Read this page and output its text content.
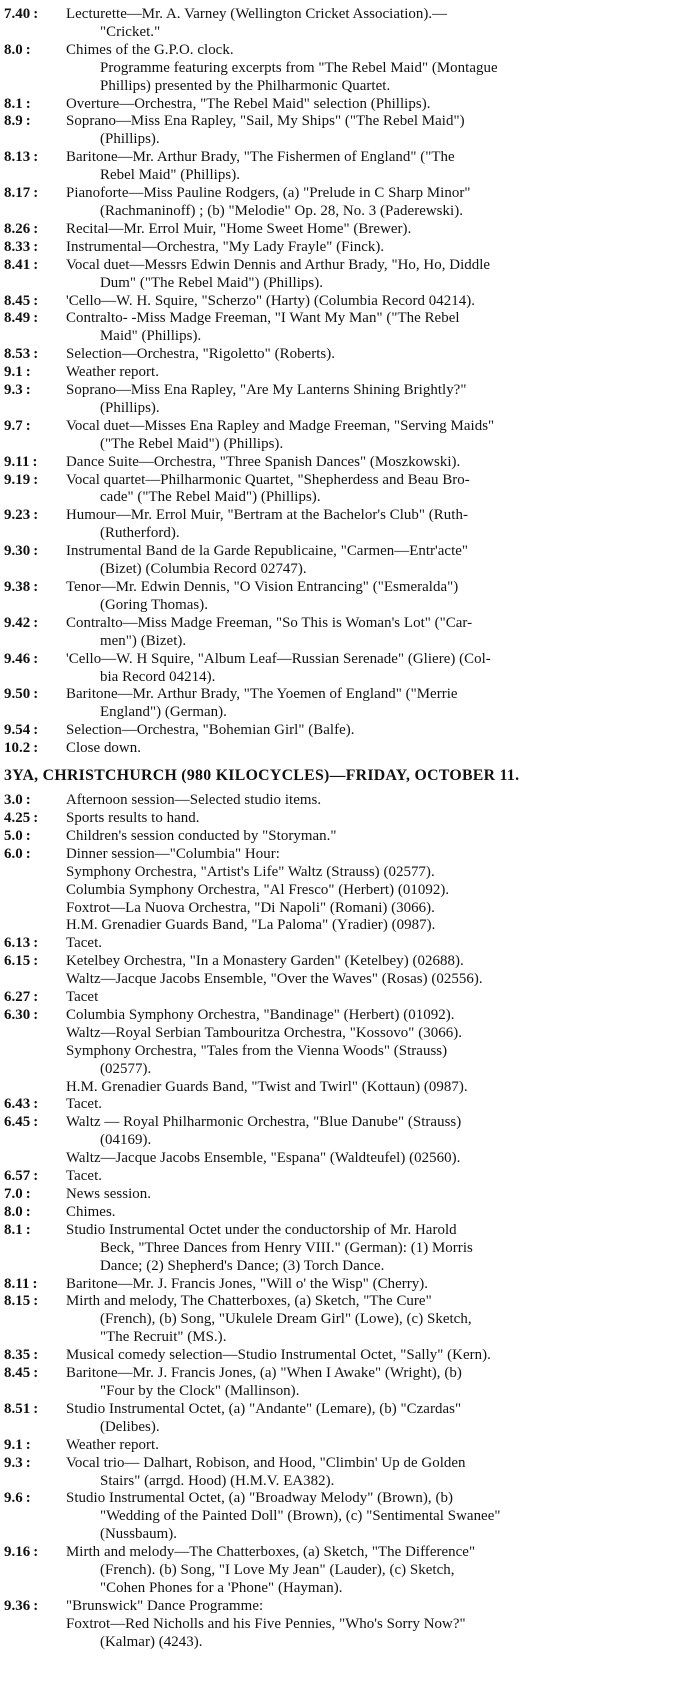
7.40 :	Lecturette—Mr. A. Varney (Wellington Cricket Association).—
"Cricket."
8.0 :	Chimes of the G.P.O. clock.
Programme featuring excerpts from "The Rebel Maid" (Montague
Phillips) presented by the Philharmonic Quartet.
8.1 :	Overture—Orchestra, "The Rebel Maid" selection (Phillips).
8.9 :	Soprano—Miss Ena Rapley, "Sail, My Ships" ("The Rebel Maid")
(Phillips).
8.13 :	Baritone—Mr. Arthur Brady, "The Fishermen of England" ("The
Rebel Maid" (Phillips).
8.17 :	Pianoforte—Miss Pauline Rodgers, (a) "Prelude in C Sharp Minor"
(Rachmaninoff) ; (b) "Melodie" Op. 28, No. 3 (Paderewski).
8.26 :	Recital—Mr. Errol Muir, "Home Sweet Home" (Brewer).
8.33 :	Instrumental—Orchestra, "My Lady Frayle" (Finck).
8.41 :	Vocal duet—Messrs Edwin Dennis and Arthur Brady, "Ho, Ho, Diddle
Dum" ("The Rebel Maid") (Phillips).
8.45 :	'Cello—W. H. Squire, "Scherzo" (Harty) (Columbia Record 04214).
8.49 :	Contralto- -Miss Madge Freeman, "I Want My Man" ("The Rebel
Maid" (Phillips).
8.53 :	Selection—Orchestra, "Rigoletto" (Roberts).
9.1 :	Weather report.
9.3 :	Soprano—Miss Ena Rapley, "Are My Lanterns Shining Brightly?"
(Phillips).
9.7 :	Vocal duet—Misses Ena Rapley and Madge Freeman, "Serving Maids"
("The Rebel Maid") (Phillips).
9.11 :	Dance Suite—Orchestra, "Three Spanish Dances" (Moszkowski).
9.19 :	Vocal quartet—Philharmonic Quartet, "Shepherdess and Beau Bro-
cade" ("The Rebel Maid") (Phillips).
9.23 :	Humour—Mr. Errol Muir, "Bertram at the Bachelor's Club" (Ruth-
(Rutherford).
9.30 :	Instrumental Band de la Garde Republicaine, "Carmen—Entr'acte"
(Bizet) (Columbia Record 02747).
9.38 :	Tenor—Mr. Edwin Dennis, "O Vision Entrancing" ("Esmeralda")
(Goring Thomas).
9.42 :	Contralto—Miss Madge Freeman, "So This is Woman's Lot" ("Car-
men") (Bizet).
9.46 :	'Cello—W. H Squire, "Album Leaf—Russian Serenade" (Gliere) (Col-
bia Record 04214).
9.50 :	Baritone—Mr. Arthur Brady, "The Yoemen of England" ("Merrie
England") (German).
9.54 :	Selection—Orchestra, "Bohemian Girl" (Balfe).
10.2 :	Close down.
3YA, CHRISTCHURCH (980 KILOCYCLES)—FRIDAY, OCTOBER 11.
3.0 :	Afternoon session—Selected studio items.
4.25 :	Sports results to hand.
5.0 :	Children's session conducted by "Storyman."
6.0 :	Dinner session—"Columbia" Hour:
Symphony Orchestra, "Artist's Life" Waltz (Strauss) (02577).
Columbia Symphony Orchestra, "Al Fresco" (Herbert) (01092).
Foxtrot—La Nuova Orchestra, "Di Napoli" (Romani) (3066).
H.M. Grenadier Guards Band, "La Paloma" (Yradier) (0987).
6.13 :	Tacet.
6.15 :	Ketelbey Orchestra, "In a Monastery Garden" (Ketelbey) (02688).
Waltz—Jacque Jacobs Ensemble, "Over the Waves" (Rosas) (02556).
6.27 :	Tacet
6.30 :	Columbia Symphony Orchestra, "Bandinage" (Herbert) (01092).
Waltz—Royal Serbian Tambouritza Orchestra, "Kossovo" (3066).
Symphony Orchestra, "Tales from the Vienna Woods" (Strauss)
(02577).
H.M. Grenadier Guards Band, "Twist and Twirl" (Kottaun) (0987).
6.43 :	Tacet.
6.45 :	Waltz — Royal Philharmonic Orchestra, "Blue Danube" (Strauss)
(04169).
Waltz—Jacque Jacobs Ensemble, "Espana" (Waldteufel) (02560).
6.57 :	Tacet.
7.0 :	News session.
8.0 :	Chimes.
8.1 :	Studio Instrumental Octet under the conductorship of Mr. Harold
Beck, "Three Dances from Henry VIII." (German): (1) Morris
Dance; (2) Shepherd's Dance; (3) Torch Dance.
8.11 :	Baritone—Mr. J. Francis Jones, "Will o' the Wisp" (Cherry).
8.15 :	Mirth and melody, The Chatterboxes, (a) Sketch, "The Cure"
(French), (b) Song, "Ukulele Dream Girl" (Lowe), (c) Sketch,
"The Recruit" (MS.).
8.35 :	Musical comedy selection—Studio Instrumental Octet, "Sally" (Kern).
8.45 :	Baritone—Mr. J. Francis Jones, (a) "When I Awake" (Wright), (b)
"Four by the Clock" (Mallinson).
8.51 :	Studio Instrumental Octet, (a) "Andante" (Lemare), (b) "Czardas"
(Delibes).
9.1 :	Weather report.
9.3 :	Vocal trio— Dalhart, Robison, and Hood, "Climbin' Up de Golden
Stairs" (arrgd. Hood) (H.M.V. EA382).
9.6 :	Studio Instrumental Octet, (a) "Broadway Melody" (Brown), (b)
"Wedding of the Painted Doll" (Brown), (c) "Sentimental Swanee"
(Nussbaum).
9.16 :	Mirth and melody—The Chatterboxes, (a) Sketch, "The Difference"
(French). (b) Song, "I Love My Jean" (Lauder), (c) Sketch,
"Cohen Phones for a 'Phone" (Hayman).
9.36 :	"Brunswick" Dance Programme:
Foxtrot—Red Nicholls and his Five Pennies, "Who's Sorry Now?"
(Kalmar) (4243).
